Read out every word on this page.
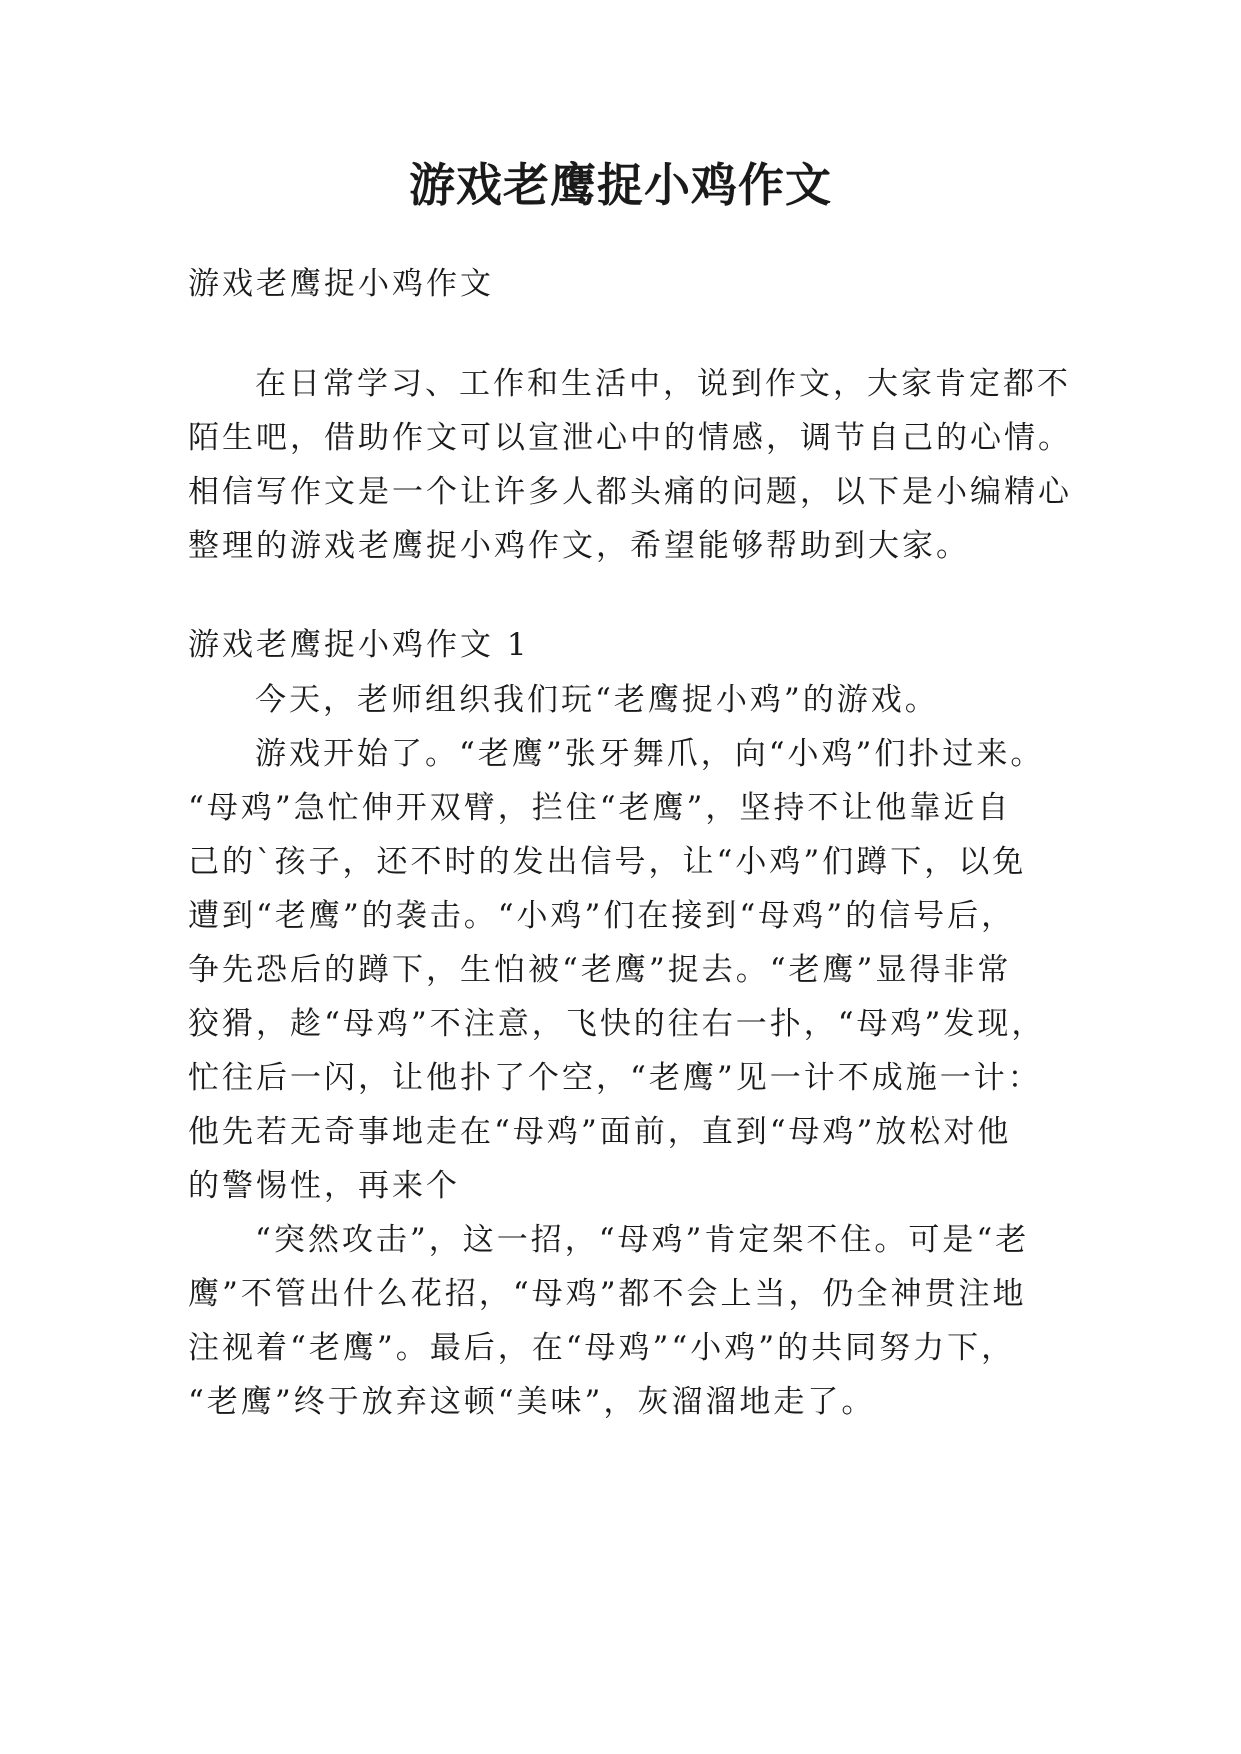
游戏老鹰捉小鸡作文
游戏老鹰捉小鸡作文
在日常学习、工作和生活中，说到作文，大家肯定都不
陌生吧，借助作文可以宣泄心中的情感，调节自己的心情。
相信写作文是一个让许多人都头痛的问题，以下是小编精心
整理的游戏老鹰捉小鸡作文，希望能够帮助到大家。
游戏老鹰捉小鸡作文 1
今天，老师组织我们玩“老鹰捉小鸡”的游戏。
游戏开始了。“老鹰”张牙舞爪，向“小鸡”们扑过来。
“母鸡”急忙伸开双臂，拦住“老鹰”，坚持不让他靠近自
己的`孩子，还不时的发出信号，让“小鸡”们蹲下，以免
遭到“老鹰”的袭击。“小鸡”们在接到“母鸡”的信号后，
争先恐后的蹲下，生怕被“老鹰”捉去。“老鹰”显得非常
狡猾，趁“母鸡”不注意，飞快的往右一扑，“母鸡”发现，
忙往后一闪，让他扑了个空，“老鹰”见一计不成施一计：
他先若无奇事地走在“母鸡”面前，直到“母鸡”放松对他
的警惕性，再来个
“突然攻击”，这一招，“母鸡”肯定架不住。可是“老
鹰”不管出什么花招，“母鸡”都不会上当，仍全神贯注地
注视着“老鹰”。最后，在“母鸡”“小鸡”的共同努力下，
“老鹰”终于放弃这顿“美味”，灰溜溜地走了。
